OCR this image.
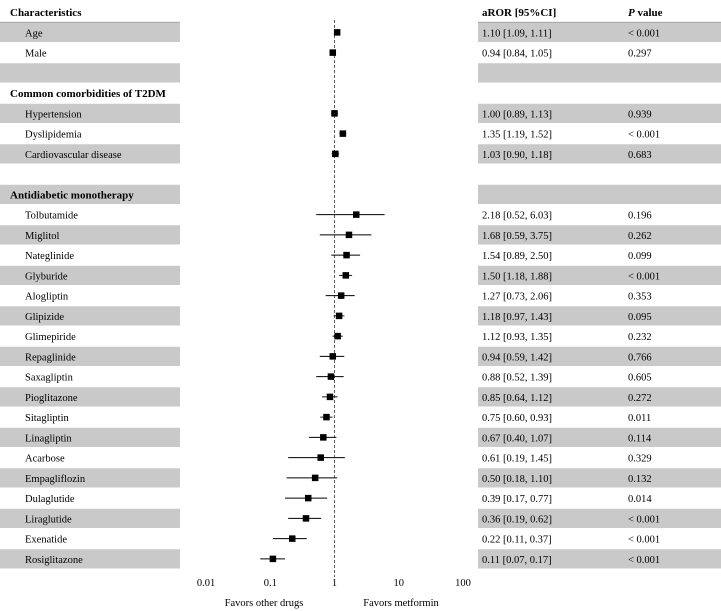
Age	1.10 [1.09, 1.11]	< 0.001
Male	0.94 [0.84, 1.05]	0.297
Common comorbidities of T2DM
Hypertension	1.00 [0.89, 1.13]	0.939
Dyslipidemia	1.35 [1.19, 1.52]	< 0.001
Cardiovascular disease	1.03 [0.90, 1.18]	0.683
Antidiabetic monotherapy
Tolbutamide	2.18 [0.52, 6.03]	0.196
Miglitol	1.68 [0.59, 3.75]	0.262
Nateglinide	1.54 [0.89, 2.50]	0.099
Glyburide	1.50 [1.18, 1.88]	< 0.001
Alogliptin	1.27 [0.73, 2.06]	0.353
Glipizide	1.18 [0.97, 1.43]	0.095
Glimepiride	1.12 [0.93, 1.35]	0.232
Repaglinide	0.94 [0.59, 1.42]	0.766
Saxagliptin	0.88 [0.52, 1.39]	0.605
Pioglitazone	0.85 [0.64, 1.12]	0.272
Sitagliptin	0.75 [0.60, 0.93]	0.011
Linagliptin	0.67 [0.40, 1.07]	0.114
Acarbose	0.61 [0.19, 1.45]	0.329
Empagliflozin	0.50 [0.18, 1.10]	0.132
Dulaglutide	0.39 [0.17, 0.77]	0.014
Liraglutide	0.36 [0.19, 0.62]	< 0.001
Exenatide	0.22 [0.11, 0.37]	< 0.001
Rosiglitazone	0.11 [0.07, 0.17]	< 0.001
0.01	0.1	1	10	100
Characteristics	aROR [95%CI]	P value
Favors other drugs	Favors metformin
